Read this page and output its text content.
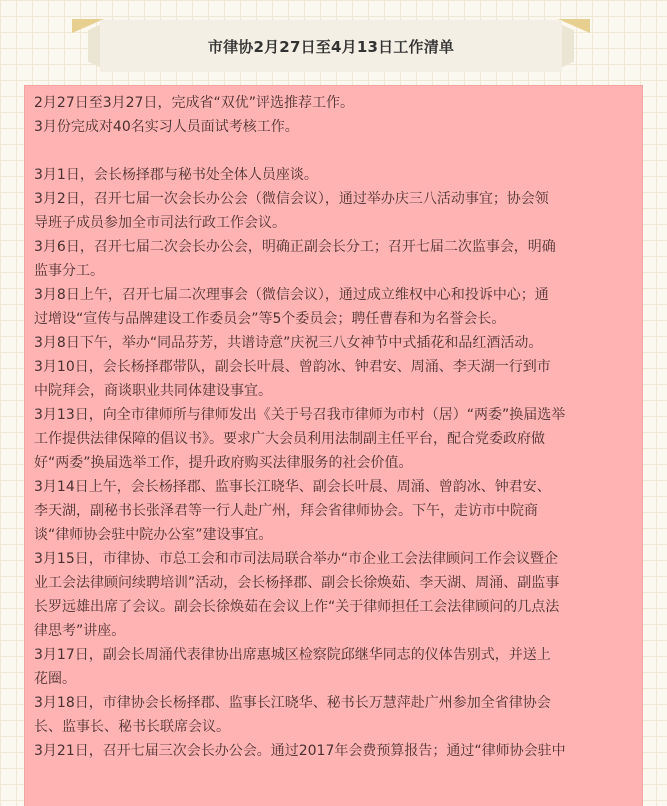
市律协2月27日至4月13日工作清单
2月27日至3月27日，完成省“双优”评选推荐工作。
3月份完成对40名实习人员面试考核工作。
3月1日，会长杨择郡与秘书处全体人员座谈。
3月2日，召开七届一次会长办公会（微信会议），通过举办庆三八活动事宜；协会领
导班子成员参加全市司法行政工作会议。
3月6日，召开七届二次会长办公会，明确正副会长分工；召开七届二次监事会，明确
监事分工。
3月8日上午，召开七届二次理事会（微信会议），通过成立维权中心和投诉中心；通
过增设“宣传与品牌建设工作委员会”等5个委员会；聘任曹春和为名誉会长。
3月8日下午，举办“同品芬芳，共谱诗意”庆祝三八女神节中式插花和品红酒活动。
3月10日，会长杨择郡带队，副会长叶晨、曾韵冰、钟君安、周涌、李天湖一行到市
中院拜会，商谈职业共同体建设事宜。
3月13日，向全市律师所与律师发出《关于号召我市律师为市村（居）“两委”换届选举
工作提供法律保障的倡议书》。要求广大会员利用法制副主任平台，配合党委政府做
好“两委”换届选举工作，提升政府购买法律服务的社会价值。
3月14日上午，会长杨择郡、监事长江晓华、副会长叶晨、周涌、曾韵冰、钟君安、
李天湖，副秘书长张泽君等一行人赴广州，拜会省律师协会。下午，走访市中院商
谈“律师协会驻中院办公室”建设事宜。
3月15日，市律协、市总工会和市司法局联合举办“市企业工会法律顾问工作会议暨企
业工会法律顾问续聘培训”活动，会长杨择郡、副会长徐焕茹、李天湖、周涌、副监事
长罗远雄出席了会议。副会长徐焕茹在会议上作“关于律师担任工会法律顾问的几点法
律思考”讲座。
3月17日，副会长周涌代表律协出席惠城区检察院邱继华同志的仪体告别式，并送上
花圈。
3月18日，市律协会长杨择郡、监事长江晓华、秘书长万慧萍赴广州参加全省律协会
长、监事长、秘书长联席会议。
3月21日，召开七届三次会长办公会。通过2017年会费预算报告；通过“律师协会驻中
